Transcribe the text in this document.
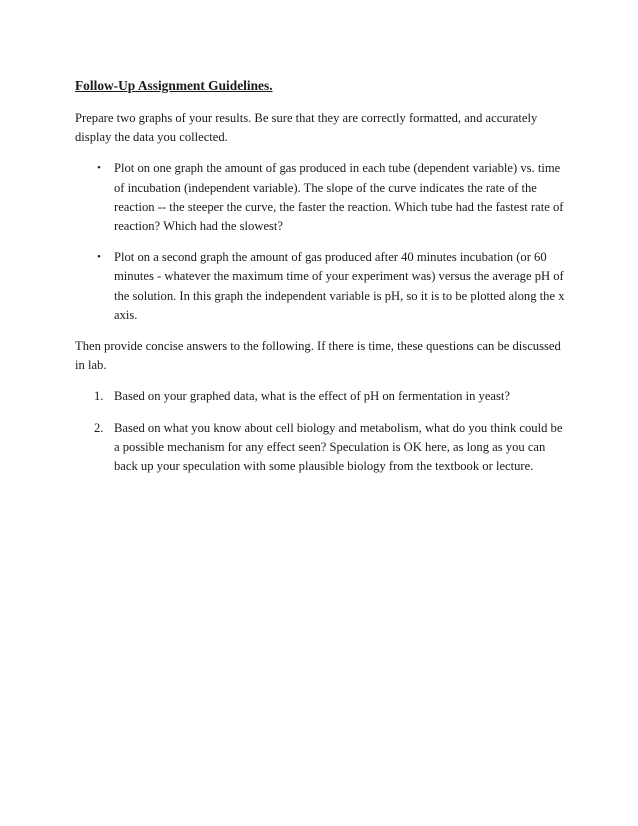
Follow-Up Assignment Guidelines.

Prepare two graphs of your results. Be sure that they are correctly formatted, and accurately display the data you collected.

• Plot on one graph the amount of gas produced in each tube (dependent variable) vs. time of incubation (independent variable). The slope of the curve indicates the rate of the reaction -- the steeper the curve, the faster the reaction. Which tube had the fastest rate of reaction? Which had the slowest?
• Plot on a second graph the amount of gas produced after 40 minutes incubation (or 60 minutes - whatever the maximum time of your experiment was) versus the average pH of the solution. In this graph the independent variable is pH, so it is to be plotted along the x axis.

Then provide concise answers to the following. If there is time, these questions can be discussed in lab.

1. Based on your graphed data, what is the effect of pH on fermentation in yeast?
2. Based on what you know about cell biology and metabolism, what do you think could be a possible mechanism for any effect seen? Speculation is OK here, as long as you can back up your speculation with some plausible biology from the textbook or lecture.
